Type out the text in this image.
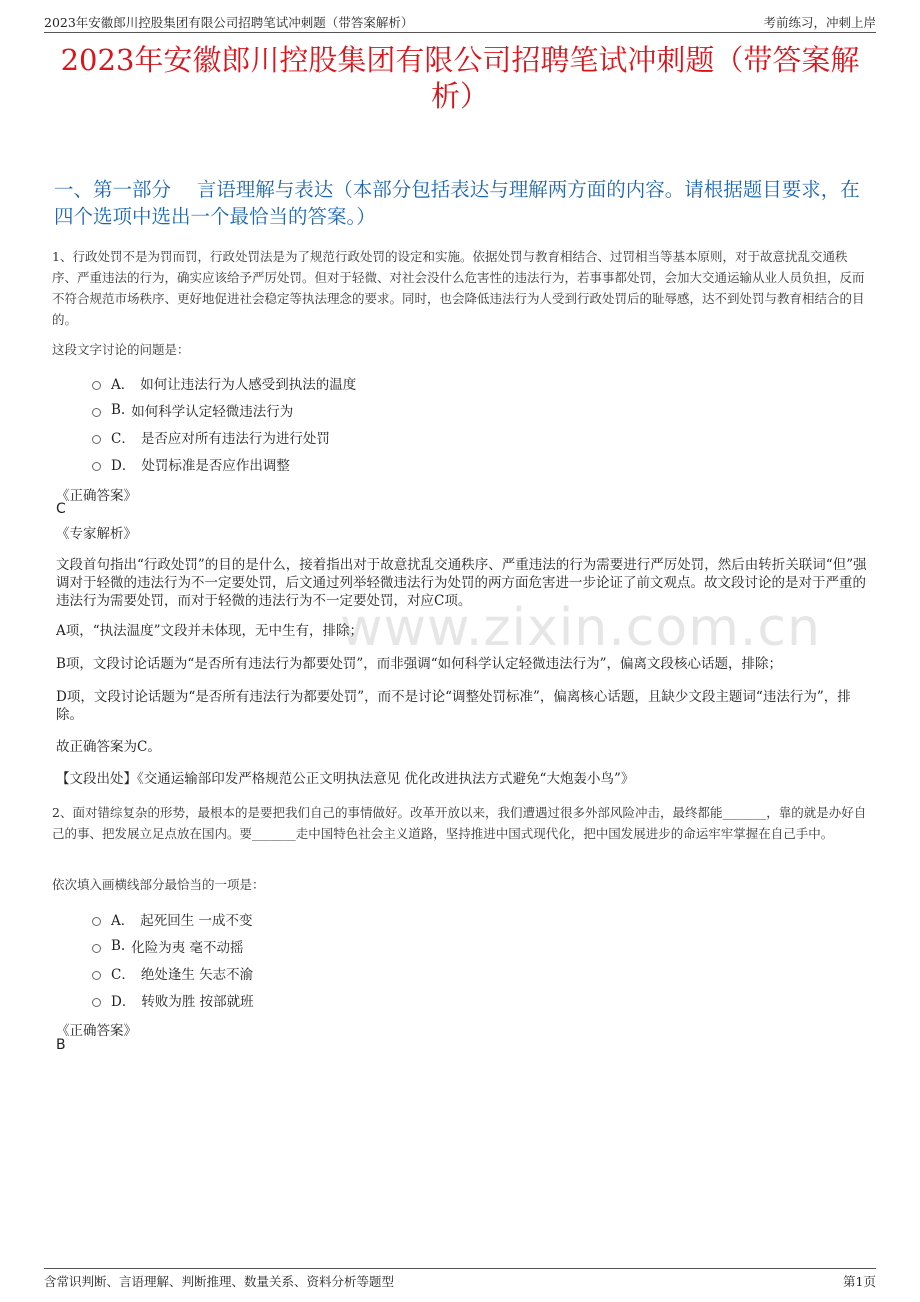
2023年安徽郎川控股集团有限公司招聘笔试冲刺题（带答案解析）	考前练习，冲刺上岸
2023年安徽郎川控股集团有限公司招聘笔试冲刺题（带答案解析）
一、第一部分　 言语理解与表达（本部分包括表达与理解两方面的内容。请根据题目要求，在四个选项中选出一个最恰当的答案。）
www.zixin.com.cn
1、行政处罚不是为罚而罚，行政处罚法是为了规范行政处罚的设定和实施。依据处罚与教育相结合、过罚相当等基本原则，对于故意扰乱交通秩序、严重违法的行为，确实应该给予严厉处罚。但对于轻微、对社会没什么危害性的违法行为，若事事都处罚，会加大交通运输从业人员负担，反而不符合规范市场秩序、更好地促进社会稳定等执法理念的要求。同时，也会降低违法行为人受到行政处罚后的耻辱感，达不到处罚与教育相结合的目的。
这段文字讨论的问题是：
A． 如何让违法行为人感受到执法的温度
B. 如何科学认定轻微违法行为
C． 是否应对所有违法行为进行处罚
D． 处罚标准是否应作出调整
《正确答案》
C
《专家解析》
文段首句指出“行政处罚”的目的是什么，接着指出对于故意扰乱交通秩序、严重违法的行为需要进行严厉处罚，然后由转折关联词“但”强调对于轻微的违法行为不一定要处罚，后文通过列举轻微违法行为处罚的两方面危害进一步论证了前文观点。故文段讨论的是对于严重的违法行为需要处罚，而对于轻微的违法行为不一定要处罚，对应C项。
A项，“执法温度”文段并未体现，无中生有，排除；
B项，文段讨论话题为“是否所有违法行为都要处罚”，而非强调“如何科学认定轻微违法行为”，偏离文段核心话题，排除；
D项，文段讨论话题为“是否所有违法行为都要处罚”，而不是讨论“调整处罚标准”，偏离核心话题，且缺少文段主题词“违法行为”，排除。
故正确答案为C。
【文段出处】《交通运输部印发严格规范公正文明执法意见 优化改进执法方式避免“大炮轰小鸟”》
2、面对错综复杂的形势，最根本的是要把我们自己的事情做好。改革开放以来，我们遭遇过很多外部风险冲击，最终都能_______，靠的就是办好自己的事、把发展立足点放在国内。要_______走中国特色社会主义道路，坚持推进中国式现代化，把中国发展进步的命运牢牢掌握在自己手中。
依次填入画横线部分最恰当的一项是：
A． 起死回生 一成不变
B. 化险为夷 毫不动摇
C． 绝处逢生 矢志不渝
D． 转败为胜 按部就班
《正确答案》
B
含常识判断、言语理解、判断推理、数量关系、资料分析等题型	第1页
